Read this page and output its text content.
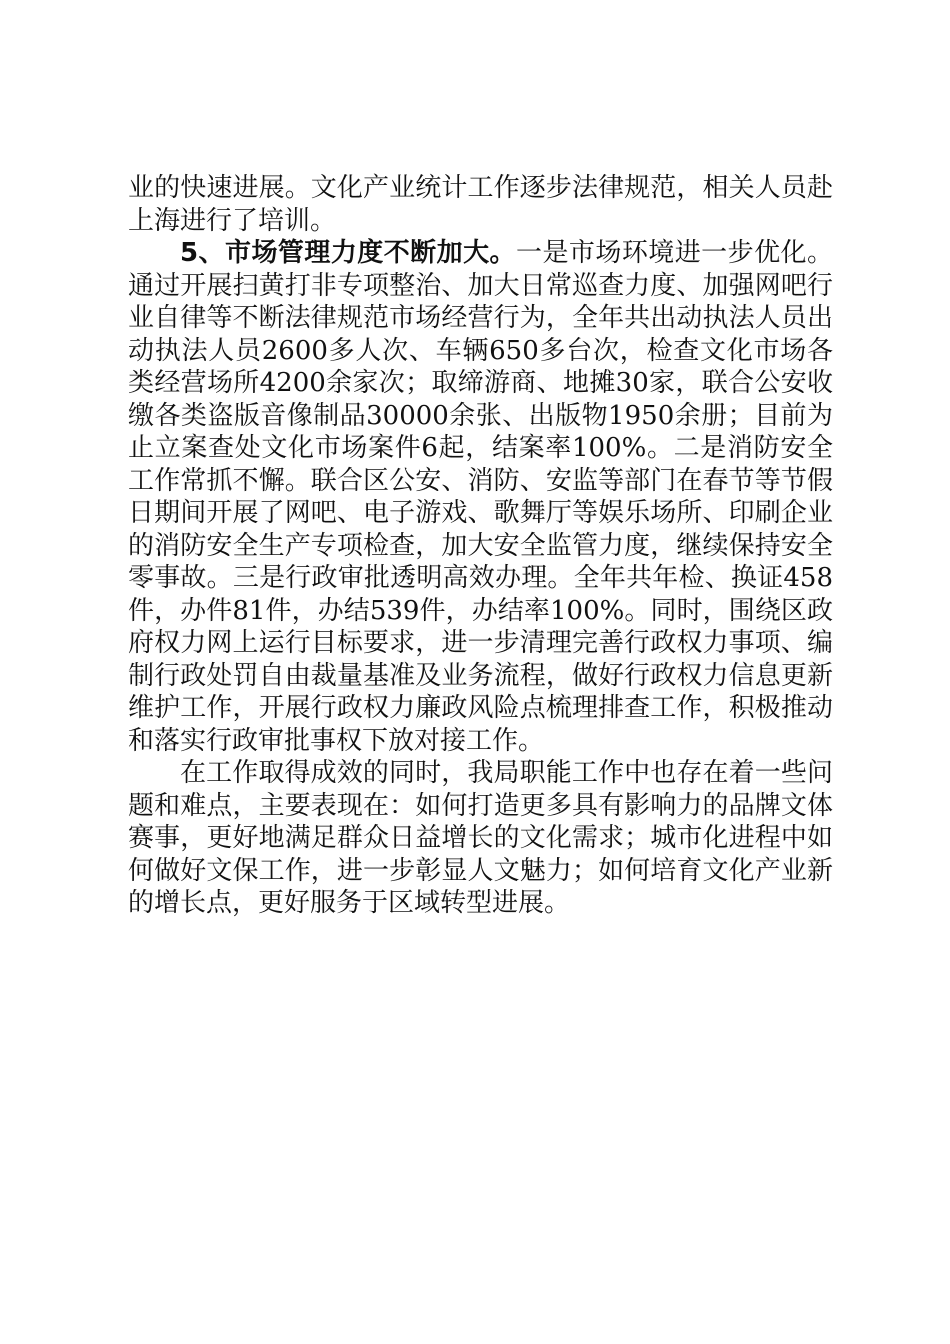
业的快速进展。文化产业统计工作逐步法律规范，相关人员赴上海进行了培训。

5、市场管理力度不断加大。一是市场环境进一步优化。通过开展扫黄打非专项整治、加大日常巡查力度、加强网吧行业自律等不断法律规范市场经营行为，全年共出动执法人员出动执法人员2600多人次、车辆650多台次，检查文化市场各类经营场所4200余家次；取缔游商、地摊30家，联合公安收缴各类盗版音像制品30000余张、出版物1950余册；目前为止立案查处文化市场案件6起，结案率100%。二是消防安全工作常抓不懈。联合区公安、消防、安监等部门在春节等节假日期间开展了网吧、电子游戏、歌舞厅等娱乐场所、印刷企业的消防安全生产专项检查，加大安全监管力度，继续保持安全零事故。三是行政审批透明高效办理。全年共年检、换证458件，办件81件，办结539件，办结率100%。同时，围绕区政府权力网上运行目标要求，进一步清理完善行政权力事项、编制行政处罚自由裁量基准及业务流程，做好行政权力信息更新维护工作，开展行政权力廉政风险点梳理排查工作，积极推动和落实行政审批事权下放对接工作。

在工作取得成效的同时，我局职能工作中也存在着一些问题和难点，主要表现在：如何打造更多具有影响力的品牌文体赛事，更好地满足群众日益增长的文化需求；城市化进程中如何做好文保工作，进一步彰显人文魅力；如何培育文化产业新的增长点，更好服务于区域转型进展。
